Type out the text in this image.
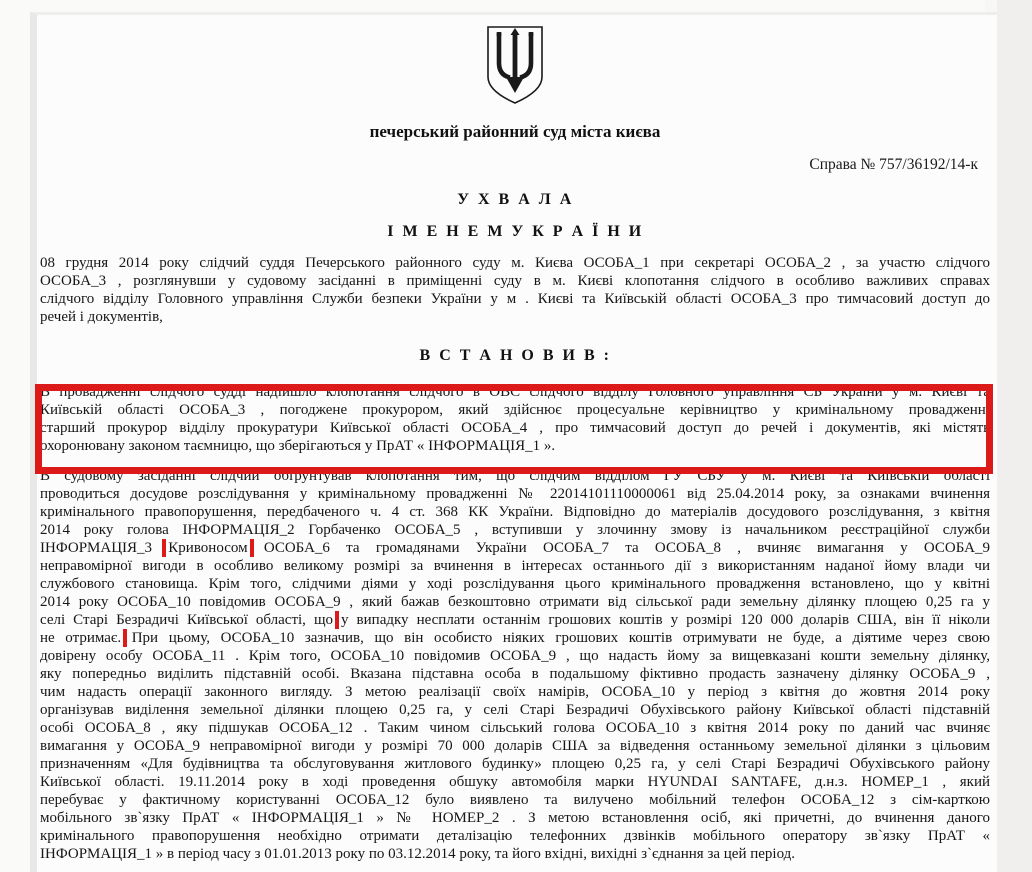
печерський районний суд міста києва
Справа № 757/36192/14-к
У Х В А Л А
І М Е Н Е М У К Р А Ї Н И
08 грудня 2014 року слідчий суддя Печерського районного суду м. Києва ОСОБА_1 при секретарі ОСОБА_2 , за участю слідчого
ОСОБА_3 , розглянувши у судовому засіданні в приміщенні суду в м. Києві клопотання слідчого в особливо важливих справах
слідчого відділу Головного управління Служби безпеки України у м . Києві та Київській області ОСОБА_3 про тимчасовий доступ до
речей і документів,
В С Т А Н О В И В :
В провадженні слідчого судді надійшло клопотання слідчого в ОВС слідчого відділу Головного управління СБ України у м. Києві та
Київській області ОСОБА_3 , погоджене прокурором, який здійснює процесуальне керівництво у кримінальному провадженні
старший прокурор відділу прокуратури Київської області ОСОБА_4 , про тимчасовий доступ до речей і документів, які містять
охоронювану законом таємницю, що зберігаються у ПрАТ « ІНФОРМАЦІЯ_1 ».
В судовому засіданні слідчий обґрунтував клопотання тим, що слідчим відділом ГУ СБУ у м. Києві та Київській області
проводиться досудове розслідування у кримінальному провадженні № 22014101110000061 від 25.04.2014 року, за ознаками вчинення
кримінального правопорушення, передбаченого ч. 4 ст. 368 КК України. Відповідно до матеріалів досудового розслідування, з квітня
2014 року голова ІНФОРМАЦІЯ_2 Горбаченко ОСОБА_5 , вступивши у злочинну змову із начальником реєстраційної служби
ІНФОРМАЦІЯ_3 Кривоносом ОСОБА_6 та громадянами України ОСОБА_7 та ОСОБА_8 , вчиняє вимагання у ОСОБА_9
неправомірної вигоди в особливо великому розмірі за вчинення в інтересах останнього дії з використанням наданої йому влади чи
службового становища. Крім того, слідчими діями у ході розслідування цього кримінального провадження встановлено, що у квітні
2014 року ОСОБА_10 повідомив ОСОБА_9 , який бажав безкоштовно отримати від сільської ради земельну ділянку площею 0,25 га у
селі Старі Безрадичі Київської області, що у випадку несплати останнім грошових коштів у розмірі 120 000 доларів США, він її ніколи
не отримає. При цьому, ОСОБА_10 зазначив, що він особисто ніяких грошових коштів отримувати не буде, а діятиме через свою
довірену особу ОСОБА_11 . Крім того, ОСОБА_10 повідомив ОСОБА_9 , що надасть йому за вищевказані кошти земельну ділянку,
яку попередньо виділить підставній особі. Вказана підставна особа в подальшому фіктивно продасть зазначену ділянку ОСОБА_9 ,
чим надасть операції законного вигляду. З метою реалізації своїх намірів, ОСОБА_10 у період з квітня до жовтня 2014 року
організував виділення земельної ділянки площею 0,25 га, у селі Старі Безрадичі Обухівського району Київської області підставній
особі ОСОБА_8 , яку підшукав ОСОБА_12 . Таким чином сільський голова ОСОБА_10 з квітня 2014 року по даний час вчиняє
вимагання у ОСОБА_9 неправомірної вигоди у розмірі 70 000 доларів США за відведення останньому земельної ділянки з цільовим
призначенням «Для будівництва та обслуговування житлового будинку» площею 0,25 га, у селі Старі Безрадичі Обухівського району
Київської області. 19.11.2014 року в ході проведення обшуку автомобіля марки HYUNDAI SANTAFE, д.н.з. НОМЕР_1 , який
перебуває у фактичному користуванні ОСОБА_12 було виявлено та вилучено мобільний телефон ОСОБА_12 з сім-карткою
мобільного зв`язку ПрАТ « ІНФОРМАЦІЯ_1 » № НОМЕР_2 . З метою встановлення осіб, які причетні, до вчинення даного
кримінального правопорушення необхідно отримати деталізацію телефонних дзвінків мобільного оператору зв`язку ПрАТ «
ІНФОРМАЦІЯ_1 » в період часу з 01.01.2013 року по 03.12.2014 року, та його вхідні, вихідні з`єднання за цей період.
